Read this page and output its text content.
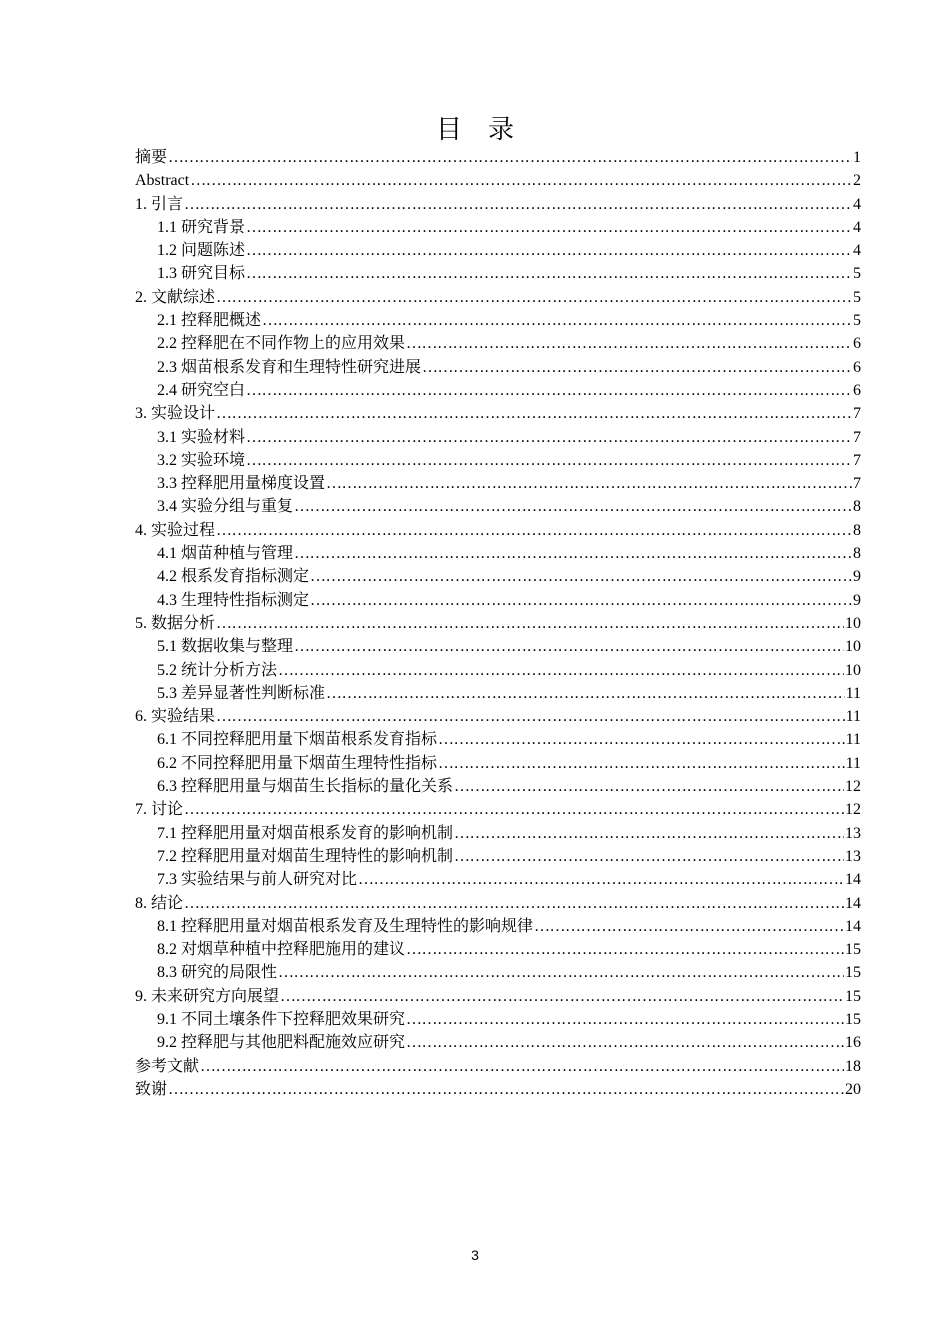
目 录
摘要 …………………………………………………………………………………………………………………………………………………………………………………………………………………………………………………	1
Abstract …………………………………………………………………………………………………………………………………………………………………………………………………………………………………………………	2
1. 引言 …………………………………………………………………………………………………………………………………………………………………………………………………………………………………………………	4
1.1 研究背景 …………………………………………………………………………………………………………………………………………………………………………………………………………………………………………………	4
1.2 问题陈述 …………………………………………………………………………………………………………………………………………………………………………………………………………………………………………………	4
1.3 研究目标 …………………………………………………………………………………………………………………………………………………………………………………………………………………………………………………	5
2. 文献综述 …………………………………………………………………………………………………………………………………………………………………………………………………………………………………………………	5
2.1 控释肥概述 …………………………………………………………………………………………………………………………………………………………………………………………………………………………………………………	5
2.2 控释肥在不同作物上的应用效果 …………………………………………………………………………………………………………………………………………………………………………………………………………………………………………………	6
2.3 烟苗根系发育和生理特性研究进展 …………………………………………………………………………………………………………………………………………………………………………………………………………………………………………………	6
2.4 研究空白 …………………………………………………………………………………………………………………………………………………………………………………………………………………………………………………	6
3. 实验设计 …………………………………………………………………………………………………………………………………………………………………………………………………………………………………………………	7
3.1 实验材料 …………………………………………………………………………………………………………………………………………………………………………………………………………………………………………………	7
3.2 实验环境 …………………………………………………………………………………………………………………………………………………………………………………………………………………………………………………	7
3.3 控释肥用量梯度设置 …………………………………………………………………………………………………………………………………………………………………………………………………………………………………………………	7
3.4 实验分组与重复 …………………………………………………………………………………………………………………………………………………………………………………………………………………………………………………	8
4. 实验过程 …………………………………………………………………………………………………………………………………………………………………………………………………………………………………………………	8
4.1 烟苗种植与管理 …………………………………………………………………………………………………………………………………………………………………………………………………………………………………………………	8
4.2 根系发育指标测定 …………………………………………………………………………………………………………………………………………………………………………………………………………………………………………………	9
4.3 生理特性指标测定 …………………………………………………………………………………………………………………………………………………………………………………………………………………………………………………	9
5. 数据分析 …………………………………………………………………………………………………………………………………………………………………………………………………………………………………………………	10
5.1 数据收集与整理 …………………………………………………………………………………………………………………………………………………………………………………………………………………………………………………	10
5.2 统计分析方法 …………………………………………………………………………………………………………………………………………………………………………………………………………………………………………………	10
5.3 差异显著性判断标准 …………………………………………………………………………………………………………………………………………………………………………………………………………………………………………………	11
6. 实验结果 …………………………………………………………………………………………………………………………………………………………………………………………………………………………………………………	11
6.1 不同控释肥用量下烟苗根系发育指标 …………………………………………………………………………………………………………………………………………………………………………………………………………………………………………………	11
6.2 不同控释肥用量下烟苗生理特性指标 …………………………………………………………………………………………………………………………………………………………………………………………………………………………………………………	11
6.3 控释肥用量与烟苗生长指标的量化关系 …………………………………………………………………………………………………………………………………………………………………………………………………………………………………………………	12
7. 讨论 …………………………………………………………………………………………………………………………………………………………………………………………………………………………………………………	12
7.1 控释肥用量对烟苗根系发育的影响机制 …………………………………………………………………………………………………………………………………………………………………………………………………………………………………………………	13
7.2 控释肥用量对烟苗生理特性的影响机制 …………………………………………………………………………………………………………………………………………………………………………………………………………………………………………………	13
7.3 实验结果与前人研究对比 …………………………………………………………………………………………………………………………………………………………………………………………………………………………………………………	14
8. 结论 …………………………………………………………………………………………………………………………………………………………………………………………………………………………………………………	14
8.1 控释肥用量对烟苗根系发育及生理特性的影响规律 …………………………………………………………………………………………………………………………………………………………………………………………………………………………………………………	14
8.2 对烟草种植中控释肥施用的建议 …………………………………………………………………………………………………………………………………………………………………………………………………………………………………………………	15
8.3 研究的局限性 …………………………………………………………………………………………………………………………………………………………………………………………………………………………………………………	15
9. 未来研究方向展望 …………………………………………………………………………………………………………………………………………………………………………………………………………………………………………………	15
9.1 不同土壤条件下控释肥效果研究 …………………………………………………………………………………………………………………………………………………………………………………………………………………………………………………	15
9.2 控释肥与其他肥料配施效应研究 …………………………………………………………………………………………………………………………………………………………………………………………………………………………………………………	16
参考文献 …………………………………………………………………………………………………………………………………………………………………………………………………………………………………………………	18
致谢 …………………………………………………………………………………………………………………………………………………………………………………………………………………………………………………	20
3
